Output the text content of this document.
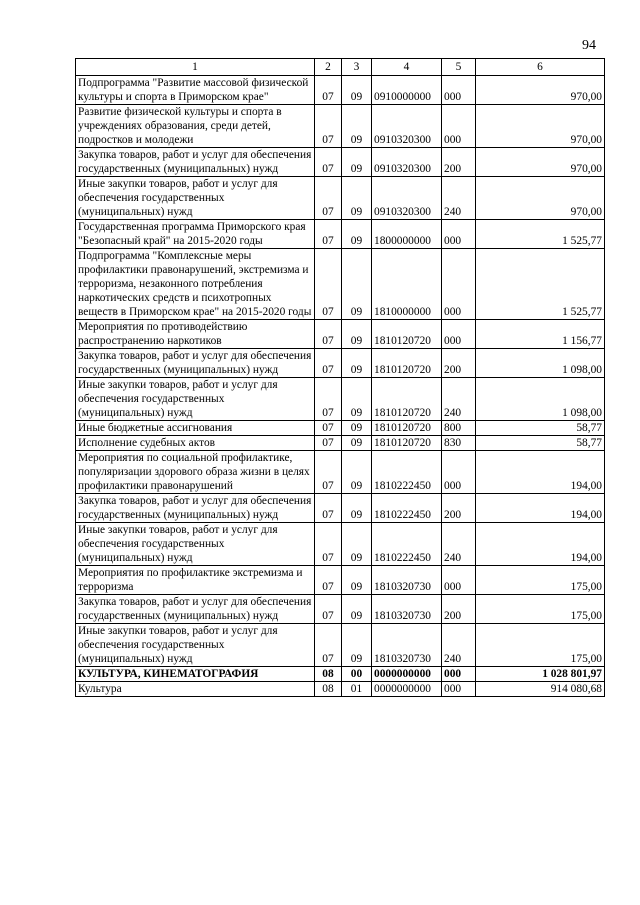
94
1	2	3	4	5	6
Подпрограмма "Развитие массовой физической культуры и спорта в Приморском крае"	07	09	0910000000	000	970,00
Развитие физической культуры и спорта в учреждениях образования, среди детей, подростков и молодежи	07	09	0910320300	000	970,00
Закупка товаров, работ и услуг для обеспечения государственных (муниципальных) нужд	07	09	0910320300	200	970,00
Иные закупки товаров, работ и услуг для обеспечения государственных (муниципальных) нужд	07	09	0910320300	240	970,00
Государственная программа Приморского края "Безопасный край" на 2015-2020 годы	07	09	1800000000	000	1 525,77
Подпрограмма "Комплексные меры профилактики правонарушений, экстремизма и терроризма, незаконного потребления наркотических средств и психотропных веществ в Приморском крае" на 2015-2020 годы	07	09	1810000000	000	1 525,77
Мероприятия по противодействию распространению наркотиков	07	09	1810120720	000	1 156,77
Закупка товаров, работ и услуг для обеспечения государственных (муниципальных) нужд	07	09	1810120720	200	1 098,00
Иные закупки товаров, работ и услуг для обеспечения государственных (муниципальных) нужд	07	09	1810120720	240	1 098,00
Иные бюджетные ассигнования	07	09	1810120720	800	58,77
Исполнение судебных актов	07	09	1810120720	830	58,77
Мероприятия по социальной профилактике, популяризации здорового образа жизни в целях профилактики правонарушений	07	09	1810222450	000	194,00
Закупка товаров, работ и услуг для обеспечения государственных (муниципальных) нужд	07	09	1810222450	200	194,00
Иные закупки товаров, работ и услуг для обеспечения государственных (муниципальных) нужд	07	09	1810222450	240	194,00
Мероприятия по профилактике экстремизма и терроризма	07	09	1810320730	000	175,00
Закупка товаров, работ и услуг для обеспечения государственных (муниципальных) нужд	07	09	1810320730	200	175,00
Иные закупки товаров, работ и услуг для обеспечения государственных (муниципальных) нужд	07	09	1810320730	240	175,00
КУЛЬТУРА, КИНЕМАТОГРАФИЯ	08	00	0000000000	000	1 028 801,97
Культура	08	01	0000000000	000	914 080,68
